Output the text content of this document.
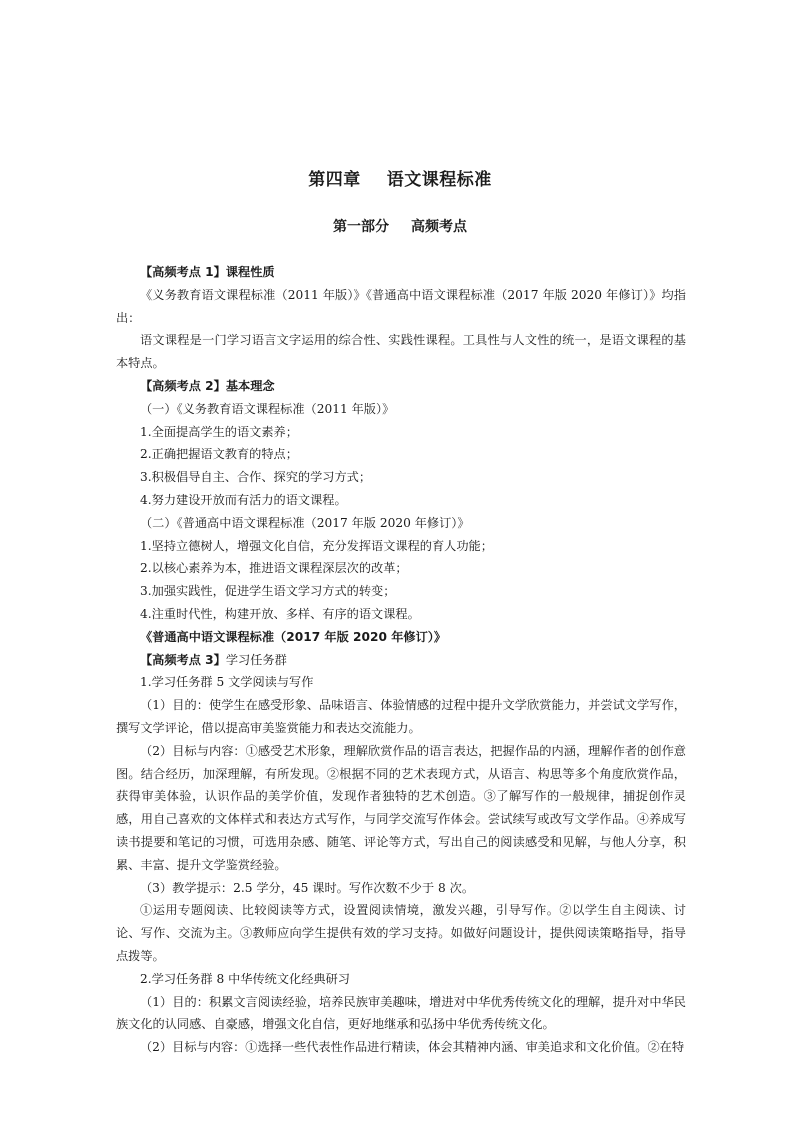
第四章 语文课程标准
第一部分 高频考点

【高频考点 1】课程性质

《义务教育语文课程标准（2011 年版）》《普通高中语文课程标准（2017 年版 2020 年修订）》均指出：

语文课程是一门学习语言文字运用的综合性、实践性课程。工具性与人文性的统一，是语文课程的基本特点。

【高频考点 2】基本理念

（一）《义务教育语文课程标准（2011 年版）》

1.全面提高学生的语文素养；

2.正确把握语文教育的特点；

3.积极倡导自主、合作、探究的学习方式；

4.努力建设开放而有活力的语文课程。

（二）《普通高中语文课程标准（2017 年版 2020 年修订）》

1.坚持立德树人，增强文化自信，充分发挥语文课程的育人功能；

2.以核心素养为本，推进语文课程深层次的改革；

3.加强实践性，促进学生语文学习方式的转变；

4.注重时代性，构建开放、多样、有序的语文课程。

《普通高中语文课程标准（2017 年版 2020 年修订）》

【高频考点 3】学习任务群

1.学习任务群 5 文学阅读与写作

（1）目的：使学生在感受形象、品味语言、体验情感的过程中提升文学欣赏能力，并尝试文学写作，撰写文学评论，借以提高审美鉴赏能力和表达交流能力。

（2）目标与内容：①感受艺术形象，理解欣赏作品的语言表达，把握作品的内涵，理解作者的创作意图。结合经历，加深理解，有所发现。②根据不同的艺术表现方式，从语言、构思等多个角度欣赏作品，获得审美体验，认识作品的美学价值，发现作者独特的艺术创造。③了解写作的一般规律，捕捉创作灵感，用自己喜欢的文体样式和表达方式写作，与同学交流写作体会。尝试续写或改写文学作品。④养成写读书提要和笔记的习惯，可选用杂感、随笔、评论等方式，写出自己的阅读感受和见解，与他人分享，积累、丰富、提升文学鉴赏经验。

（3）教学提示：2.5 学分，45 课时。写作次数不少于 8 次。

①运用专题阅读、比较阅读等方式，设置阅读情境，激发兴趣，引导写作。②以学生自主阅读、讨论、写作、交流为主。③教师应向学生提供有效的学习支持。如做好问题设计，提供阅读策略指导，指导点拨等。

2.学习任务群 8 中华传统文化经典研习

（1）目的：积累文言阅读经验，培养民族审美趣味，增进对中华优秀传统文化的理解，提升对中华民族文化的认同感、自豪感，增强文化自信，更好地继承和弘扬中华优秀传统文化。

（2）目标与内容：①选择一些代表性作品进行精读，体会其精神内涵、审美追求和文化价值。②在特
